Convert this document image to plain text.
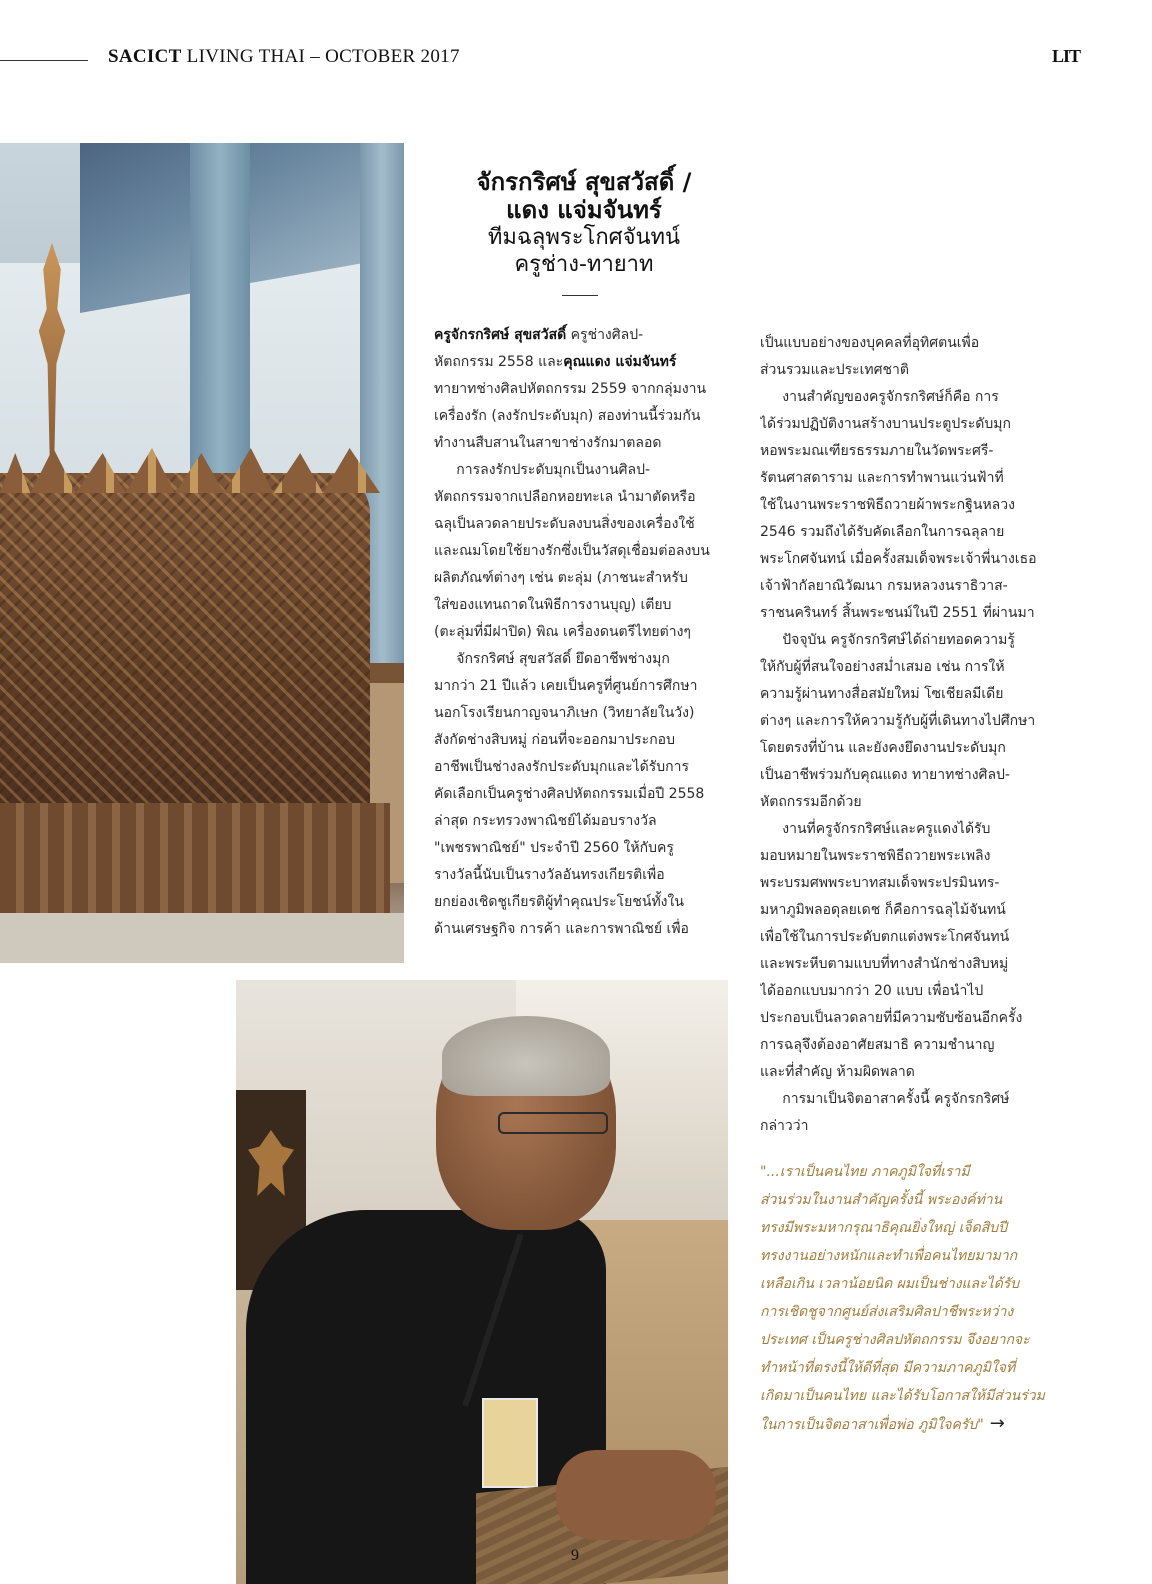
SACICT LIVING THAI – OCTOBER 2017	LIT
จักรกริศษ์ สุขสวัสดิ์ /
แดง แจ่มจันทร์
ทีมฉลุพระโกศจันทน์
ครูช่าง-ทายาท
ครูจักรกริศษ์ สุขสวัสดิ์ ครูช่างศิลป-
หัตถกรรม 2558 และคุณแดง แจ่มจันทร์
ทายาทช่างศิลปหัตถกรรม 2559 จากกลุ่มงาน
เครื่องรัก (ลงรักประดับมุก) สองท่านนี้ร่วมกัน
ทำงานสืบสานในสาขาช่างรักมาตลอด
การลงรักประดับมุกเป็นงานศิลป-
หัตถกรรมจากเปลือกหอยทะเล นำมาตัดหรือ
ฉลุเป็นลวดลายประดับลงบนสิ่งของเครื่องใช้
และณมโดยใช้ยางรักซึ่งเป็นวัสดุเชื่อมต่อลงบน
ผลิตภัณฑ์ต่างๆ เช่น ตะลุ่ม (ภาชนะสำหรับ
ใส่ของแทนถาดในพิธีการงานบุญ) เตียบ
(ตะลุ่มที่มีฝาปิด) พิณ เครื่องดนตรีไทยต่างๆ
จักรกริศษ์ สุขสวัสดิ์ ยึดอาชีพช่างมุก
มากว่า 21 ปีแล้ว เคยเป็นครูที่ศูนย์การศึกษา
นอกโรงเรียนกาญจนาภิเษก (วิทยาลัยในวัง)
สังกัดช่างสิบหมู่ ก่อนที่จะออกมาประกอบ
อาชีพเป็นช่างลงรักประดับมุกและได้รับการ
คัดเลือกเป็นครูช่างศิลปหัตถกรรมเมื่อปี 2558
ล่าสุด กระทรวงพาณิชย์ได้มอบรางวัล
"เพชรพาณิชย์" ประจำปี 2560 ให้กับครู
รางวัลนี้นับเป็นรางวัลอันทรงเกียรติเพื่อ
ยกย่องเชิดชูเกียรติผู้ทำคุณประโยชน์ทั้งใน
ด้านเศรษฐกิจ การค้า และการพาณิชย์ เพื่อ
เป็นแบบอย่างของบุคคลที่อุทิศตนเพื่อ
ส่วนรวมและประเทศชาติ
งานสำคัญของครูจักรกริศษ์ก็คือ การ
ได้ร่วมปฏิบัติงานสร้างบานประตูประดับมุก
หอพระมณเฑียรธรรมภายในวัดพระศรี-
รัตนศาสดาราม และการทำพานแว่นฟ้าที่
ใช้ในงานพระราชพิธีถวายผ้าพระกฐินหลวง
2546 รวมถึงได้รับคัดเลือกในการฉลุลาย
พระโกศจันทน์ เมื่อครั้งสมเด็จพระเจ้าพี่นางเธอ
เจ้าฟ้ากัลยาณิวัฒนา กรมหลวงนราธิวาส-
ราชนครินทร์ สิ้นพระชนม์ในปี 2551 ที่ผ่านมา
ปัจจุบัน ครูจักรกริศษ์ได้ถ่ายทอดความรู้
ให้กับผู้ที่สนใจอย่างสม่ำเสมอ เช่น การให้
ความรู้ผ่านทางสื่อสมัยใหม่ โซเชียลมีเดีย
ต่างๆ และการให้ความรู้กับผู้ที่เดินทางไปศึกษา
โดยตรงที่บ้าน และยังคงยึดงานประดับมุก
เป็นอาชีพร่วมกับคุณแดง ทายาทช่างศิลป-
หัตถกรรมอีกด้วย
งานที่ครูจักรกริศษ์และครูแดงได้รับ
มอบหมายในพระราชพิธีถวายพระเพลิง
พระบรมศพพระบาทสมเด็จพระปรมินทร-
มหาภูมิพลอดุลยเดช ก็คือการฉลุไม้จันทน์
เพื่อใช้ในการประดับตกแต่งพระโกศจันทน์
และพระหีบตามแบบที่ทางสำนักช่างสิบหมู่
ได้ออกแบบมากว่า 20 แบบ เพื่อนำไป
ประกอบเป็นลวดลายที่มีความซับซ้อนอีกครั้ง
การฉลุจึงต้องอาศัยสมาธิ ความชำนาญ
และที่สำคัญ ห้ามผิดพลาด
การมาเป็นจิตอาสาครั้งนี้ ครูจักรกริศษ์
กล่าวว่า
9
"...เราเป็นคนไทย ภาคภูมิใจที่เรามี
ส่วนร่วมในงานสำคัญครั้งนี้ พระองค์ท่าน
ทรงมีพระมหากรุณาธิคุณยิ่งใหญ่ เจ็ดสิบปี
ทรงงานอย่างหนักและทำเพื่อคนไทยมามาก
เหลือเกิน เวลาน้อยนิด ผมเป็นช่างและได้รับ
การเชิดชูจากศูนย์ส่งเสริมศิลปาชีพระหว่าง
ประเทศ เป็นครูช่างศิลปหัตถกรรม จึงอยากจะ
ทำหน้าที่ตรงนี้ให้ดีที่สุด มีความภาคภูมิใจที่
เกิดมาเป็นคนไทย และได้รับโอกาสให้มีส่วนร่วม
ในการเป็นจิตอาสาเพื่อพ่อ ภูมิใจครับ" →
